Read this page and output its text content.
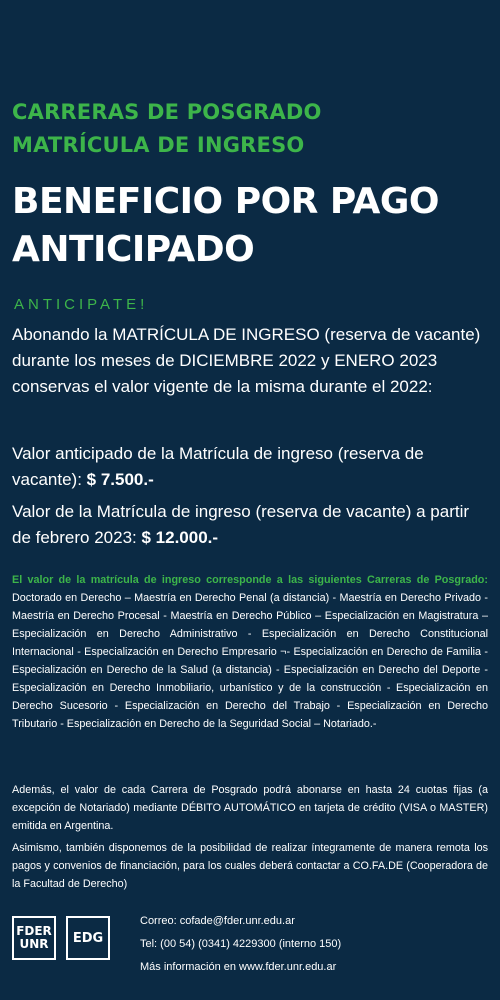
CARRERAS DE POSGRADO
MATRÍCULA DE INGRESO
BENEFICIO POR PAGO
ANTICIPADO
ANTICIPATE!
Abonando la MATRÍCULA DE INGRESO (reserva de vacante) durante los meses de DICIEMBRE 2022 y ENERO 2023 conservas el valor vigente de la misma durante el 2022:
Valor anticipado de la Matrícula de ingreso (reserva de vacante): $ 7.500.-
Valor de la Matrícula de ingreso (reserva de vacante) a partir de febrero 2023: $ 12.000.-
El valor de la matrícula de ingreso corresponde a las siguientes Carreras de Posgrado: Doctorado en Derecho – Maestría en Derecho Penal (a distancia) - Maestría en Derecho Privado - Maestría en Derecho Procesal - Maestría en Derecho Público – Especialización en Magistratura – Especialización en Derecho Administrativo - Especialización en Derecho Constitucional Internacional - Especialización en Derecho Empresario ¬- Especialización en Derecho de Familia - Especialización en Derecho de la Salud (a distancia) - Especialización en Derecho del Deporte - Especialización en Derecho Inmobiliario, urbanístico y de la construcción - Especialización en Derecho Sucesorio - Especialización en Derecho del Trabajo - Especialización en Derecho Tributario - Especialización en Derecho de la Seguridad Social – Notariado.-
Además, el valor de cada Carrera de Posgrado podrá abonarse en hasta 24 cuotas fijas (a excepción de Notariado) mediante DÉBITO AUTOMÁTICO en tarjeta de crédito (VISA o MASTER) emitida en Argentina.
Asimismo, también disponemos de la posibilidad de realizar íntegramente de manera remota los pagos y convenios de financiación, para los cuales deberá contactar a CO.FA.DE (Cooperadora de la Facultad de Derecho)
FDER
UNR EDG
Correo: cofade@fder.unr.edu.ar
Tel: (00 54) (0341) 4229300 (interno 150)
Más información en www.fder.unr.edu.ar
